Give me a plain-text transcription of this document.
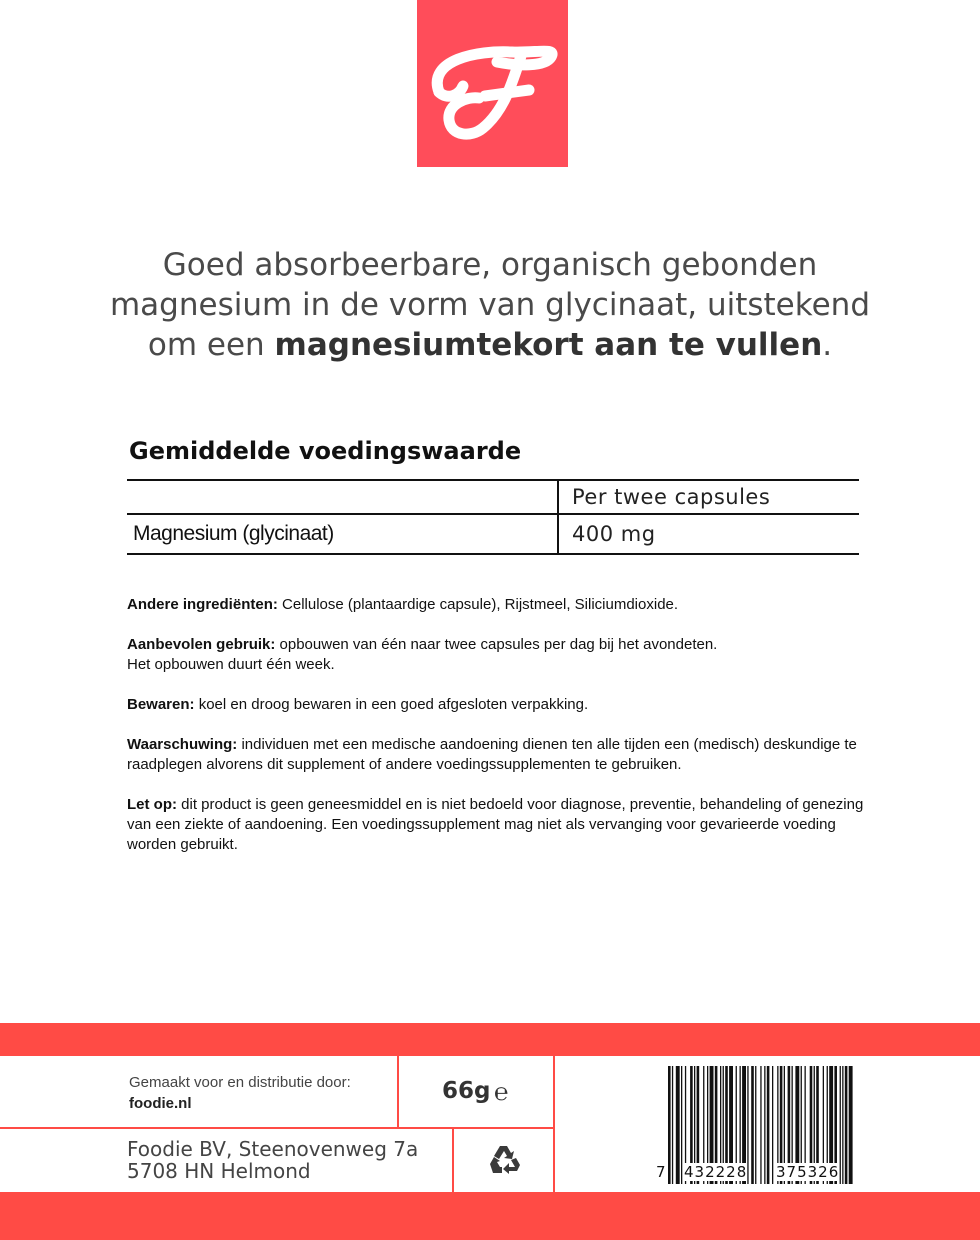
Goed absorbeerbare, organisch gebonden magnesium in de vorm van glycinaat, uitstekend om een magnesiumtekort aan te vullen.
Gemiddelde voedingswaarde
	Per twee capsules
Magnesium (glycinaat)	400 mg

Andere ingrediënten: Cellulose (plantaardige capsule), Rijstmeel, Siliciumdioxide.

Aanbevolen gebruik: opbouwen van één naar twee capsules per dag bij het avondeten.
Het opbouwen duurt één week.

Bewaren: koel en droog bewaren in een goed afgesloten verpakking.

Waarschuwing: individuen met een medische aandoening dienen ten alle tijden een (medisch) deskundige te raadplegen alvorens dit supplement of andere voedingssupplementen te gebruiken.

Let op: dit product is geen geneesmiddel en is niet bedoeld voor diagnose, preventie, behandeling of genezing van een ziekte of aandoening. Een voedingssupplement mag niet als vervanging voor gevarieerde voeding worden gebruikt.

Gemaakt voor en distributie door:
foodie.nl	66g ℮
Foodie BV, Steenovenweg 7a
5708 HN Helmond	7 432228 375326
